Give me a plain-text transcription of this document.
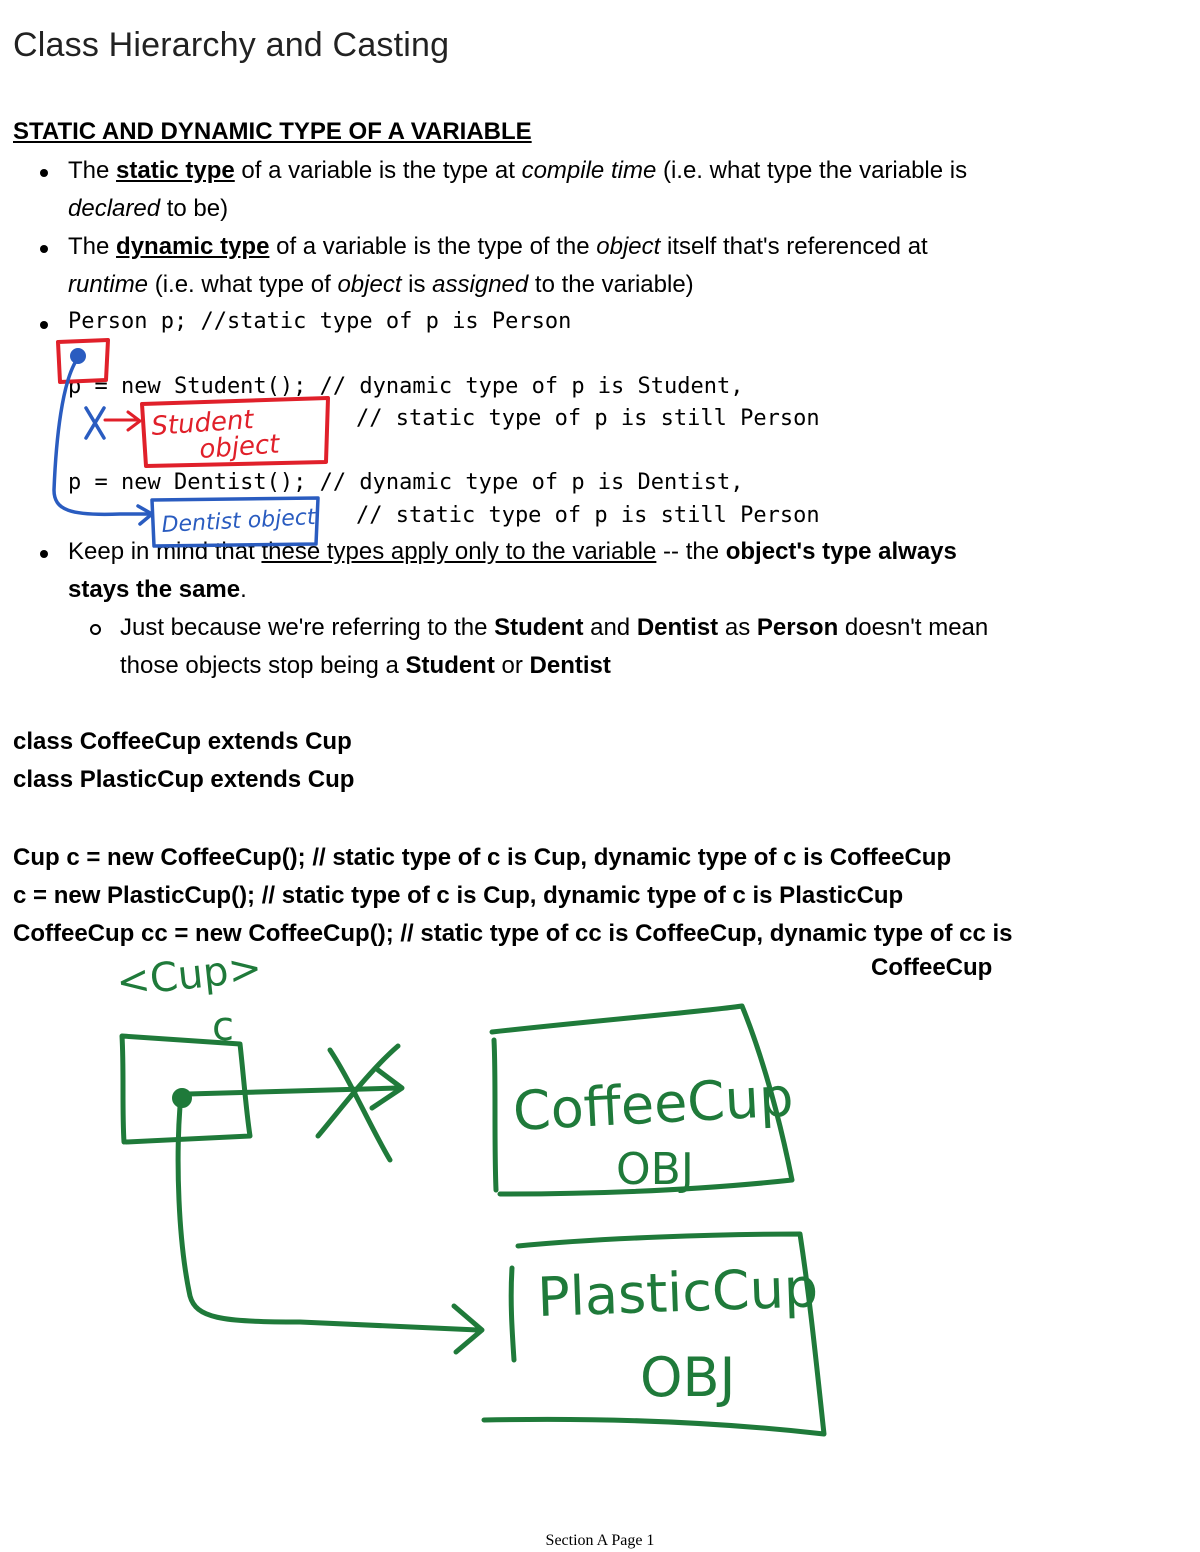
Class Hierarchy and Casting
STATIC AND DYNAMIC TYPE OF A VARIABLE
The static type of a variable is the type at compile time (i.e. what type the variable is
declared to be)
The dynamic type of a variable is the type of the object itself that's referenced at
runtime (i.e. what type of object is assigned to the variable)
Person p; //static type of p is Person
p = new Student(); // dynamic type of p is Student,
// static type of p is still Person
p = new Dentist(); // dynamic type of p is Dentist,
// static type of p is still Person
Keep in mind that these types apply only to the variable -- the object's type always
stays the same.
Just because we're referring to the Student and Dentist as Person doesn't mean
those objects stop being a Student or Dentist
class CoffeeCup extends Cup
class PlasticCup extends Cup
Cup c = new CoffeeCup(); // static type of c is Cup, dynamic type of c is CoffeeCup
c = new PlasticCup(); // static type of c is Cup, dynamic type of c is PlasticCup
CoffeeCup cc = new CoffeeCup(); // static type of cc is CoffeeCup, dynamic type of cc is
CoffeeCup
Student
object
Dentist object
<Cup>
c
CoffeeCup
OBJ
PlasticCup
OBJ
Section A Page 1
